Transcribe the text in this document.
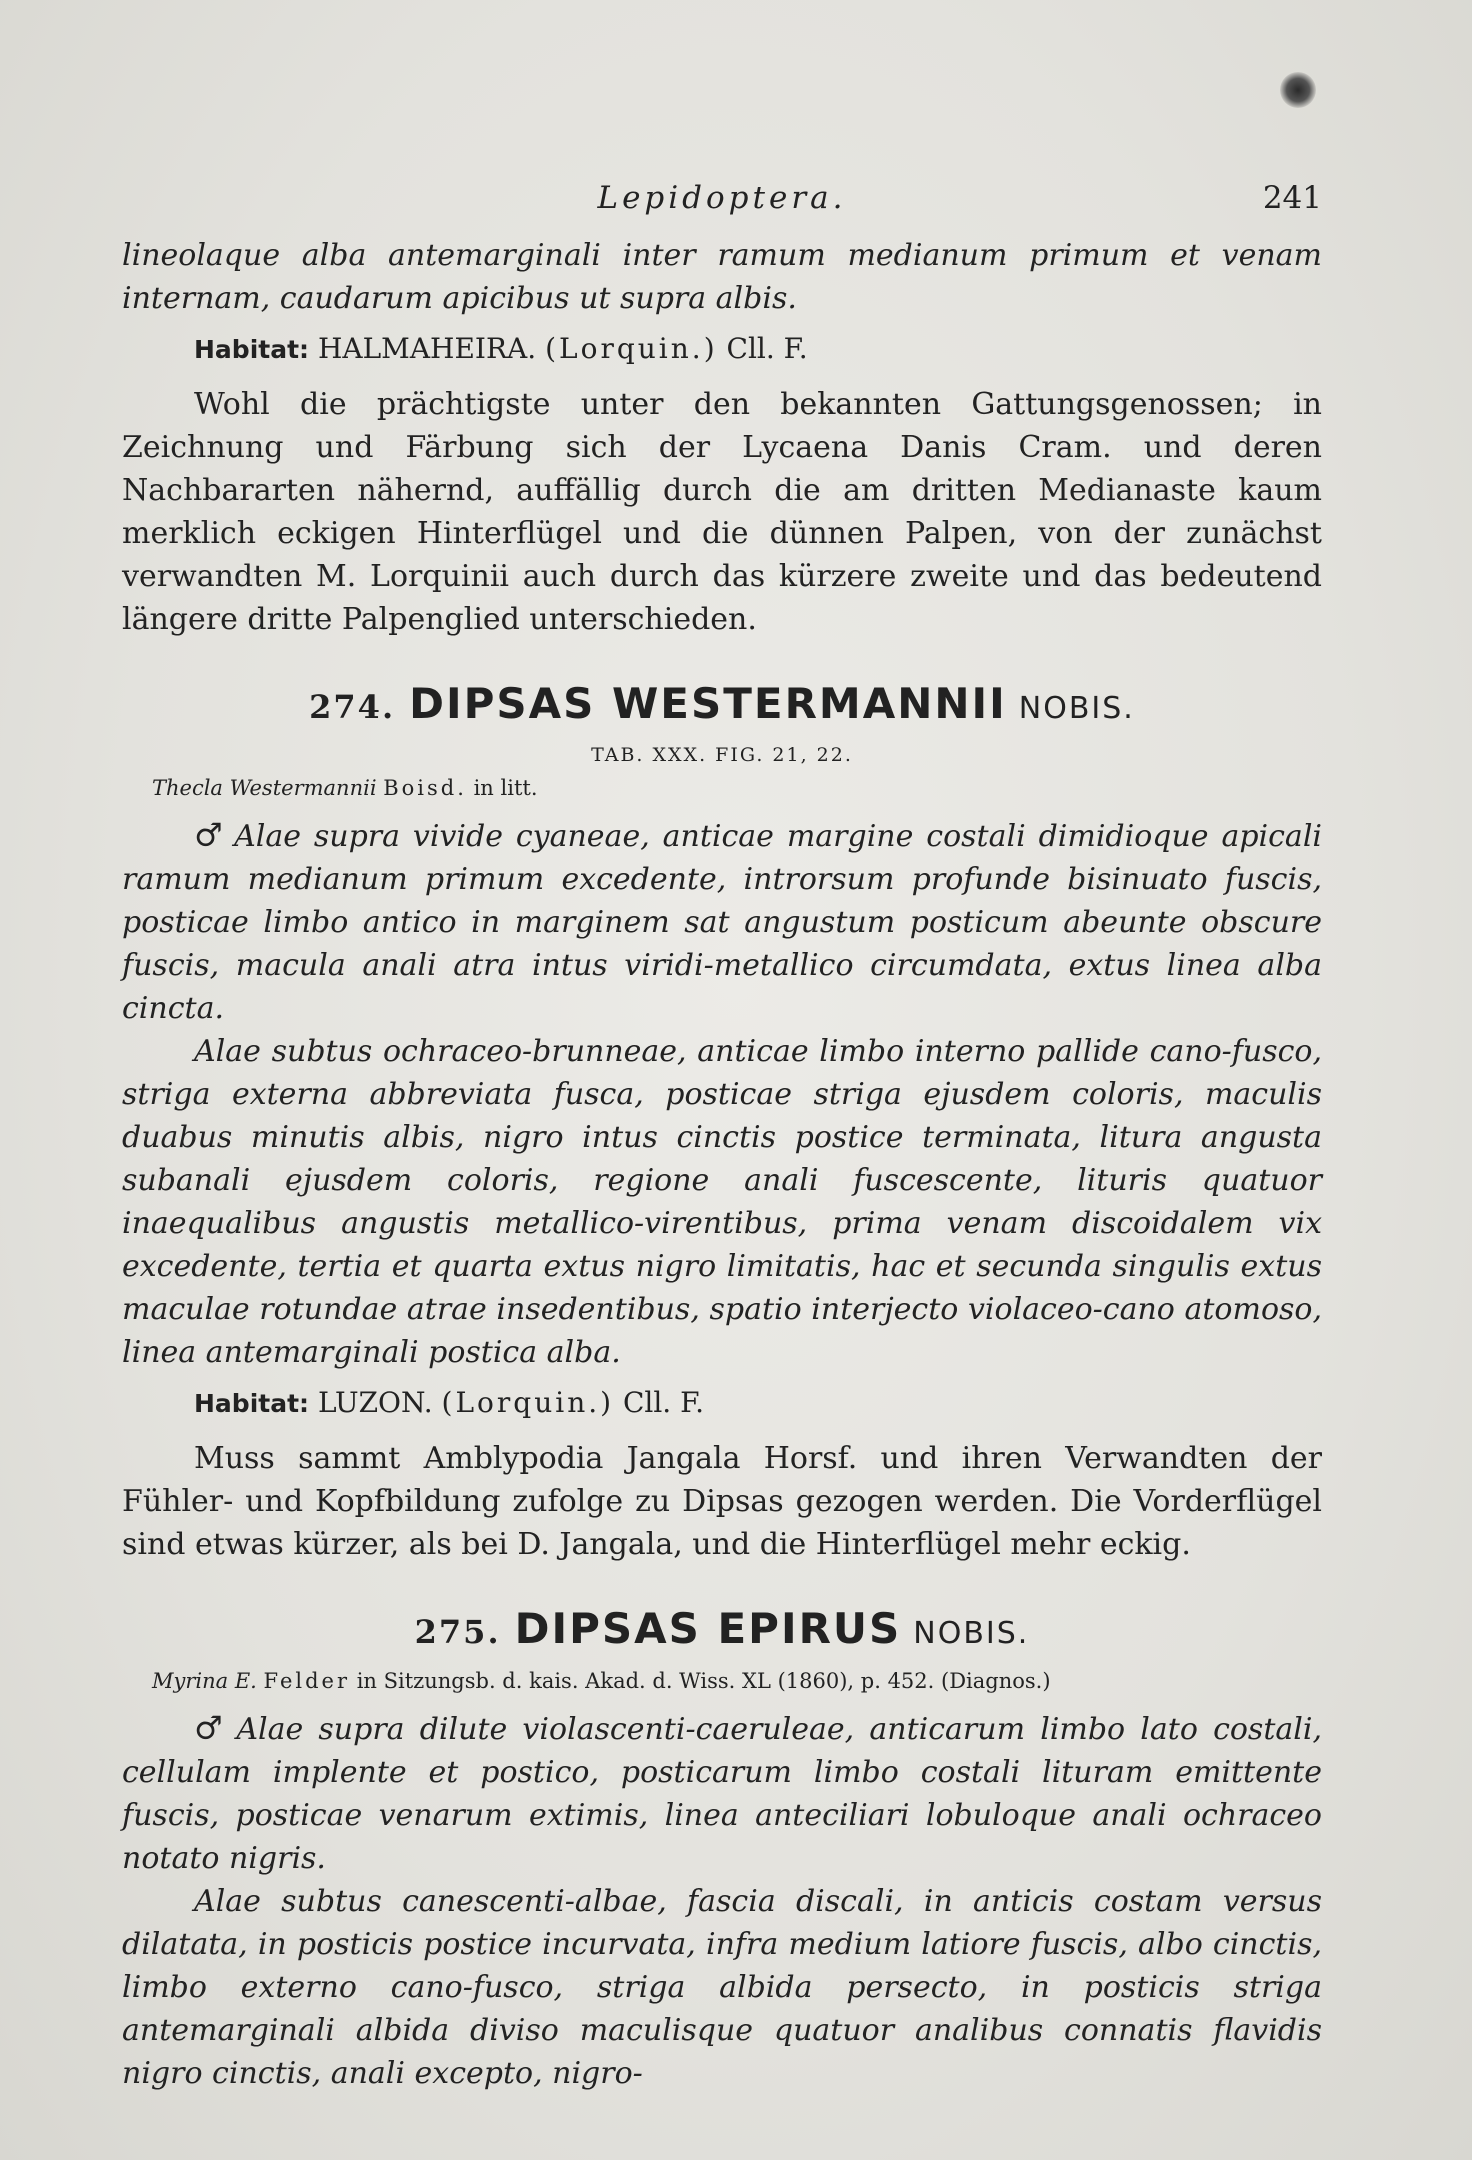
Lepidoptera.	241

lineolaque alba antemarginali inter ramum medianum primum et venam internam, caudarum apicibus ut supra albis.

Habitat: HALMAHEIRA. (Lorquin.) Cll. F.

Wohl die prächtigste unter den bekannten Gattungsgenossen; in Zeichnung und Färbung sich der Lycaena Danis Cram. und deren Nachbararten nähernd, auffällig durch die am dritten Medianaste kaum merklich eckigen Hinterflügel und die dünnen Palpen, von der zunächst verwandten M. Lorquinii auch durch das kürzere zweite und das bedeutend längere dritte Palpenglied unterschieden.

274. DIPSAS WESTERMANNII NOBIS.
TAB. XXX. FIG. 21, 22.
Thecla Westermannii Boisd. in litt.

♂ Alae supra vivide cyaneae, anticae margine costali dimidioque apicali ramum medianum primum excedente, introrsum profunde bisinuato fuscis, posticae limbo antico in marginem sat angustum posticum abeunte obscure fuscis, macula anali atra intus viridi-metallico circumdata, extus linea alba cincta.

Alae subtus ochraceo-brunneae, anticae limbo interno pallide cano-fusco, striga externa abbreviata fusca, posticae striga ejusdem coloris, maculis duabus minutis albis, nigro intus cinctis postice terminata, litura angusta subanali ejusdem coloris, regione anali fuscescente, lituris quatuor inaequalibus angustis metallico-virentibus, prima venam discoidalem vix excedente, tertia et quarta extus nigro limitatis, hac et secunda singulis extus maculae rotundae atrae insedentibus, spatio interjecto violaceo-cano atomoso, linea antemarginali postica alba.

Habitat: LUZON. (Lorquin.) Cll. F.

Muss sammt Amblypodia Jangala Horsf. und ihren Verwandten der Fühler- und Kopfbildung zufolge zu Dipsas gezogen werden. Die Vorderflügel sind etwas kürzer, als bei D. Jangala, und die Hinterflügel mehr eckig.

275. DIPSAS EPIRUS NOBIS.
Myrina E. Felder in Sitzungsb. d. kais. Akad. d. Wiss. XL (1860), p. 452. (Diagnos.)

♂ Alae supra dilute violascenti-caeruleae, anticarum limbo lato costali, cellulam implente et postico, posticarum limbo costali lituram emittente fuscis, posticae venarum extimis, linea anteciliari lobuloque anali ochraceo notato nigris.

Alae subtus canescenti-albae, fascia discali, in anticis costam versus dilatata, in posticis postice incurvata, infra medium latiore fuscis, albo cinctis, limbo externo cano-fusco, striga albida persecto, in posticis striga antemarginali albida diviso maculisque quatuor analibus connatis flavidis nigro cinctis, anali excepto, nigro-
